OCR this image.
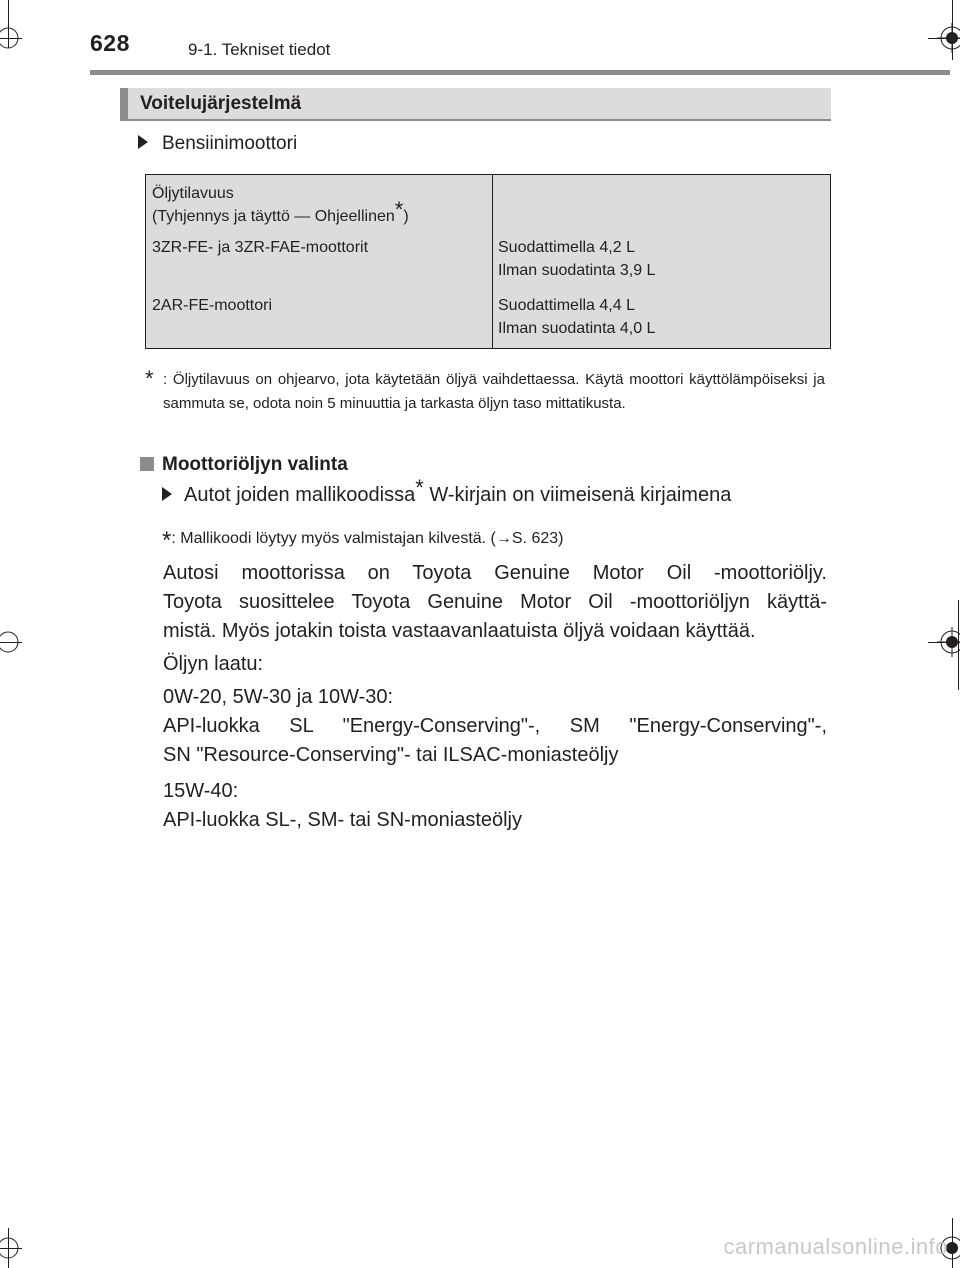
628	9-1. Tekniset tiedot
Voitelujärjestelmä
Bensiinimoottori
Öljytilavuus
(Tyhjennys ja täyttö — Ohjeellinen*)	

3ZR-FE- ja 3ZR-FAE-moottorit	Suodattimella 4,2 L
Ilman suodatinta 3,9 L

2AR-FE-moottori	Suodattimella 4,4 L
Ilman suodatinta 4,0 L
* : Öljytilavuus on ohjearvo, jota käytetään öljyä vaihdettaessa. Käytä moottori käyttölämpöiseksi ja sammuta se, odota noin 5 minuuttia ja tarkasta öljyn taso mittatikusta.
Moottoriöljyn valinta
Autot joiden mallikoodissa* W-kirjain on viimeisenä kirjaimena
*: Mallikoodi löytyy myös valmistajan kilvestä. (→S. 623)
Autosi moottorissa on Toyota Genuine Motor Oil -moottoriöljy.
Toyota suosittelee Toyota Genuine Motor Oil -moottoriöljyn käyttä-
mistä. Myös jotakin toista vastaavanlaatuista öljyä voidaan käyttää.
Öljyn laatu:
0W-20, 5W-30 ja 10W-30:
API-luokka SL "Energy-Conserving"-, SM "Energy-Conserving"-,
SN "Resource-Conserving"- tai ILSAC-moniasteöljy
15W-40:
API-luokka SL-, SM- tai SN-moniasteöljy
carmanualsonline.info
